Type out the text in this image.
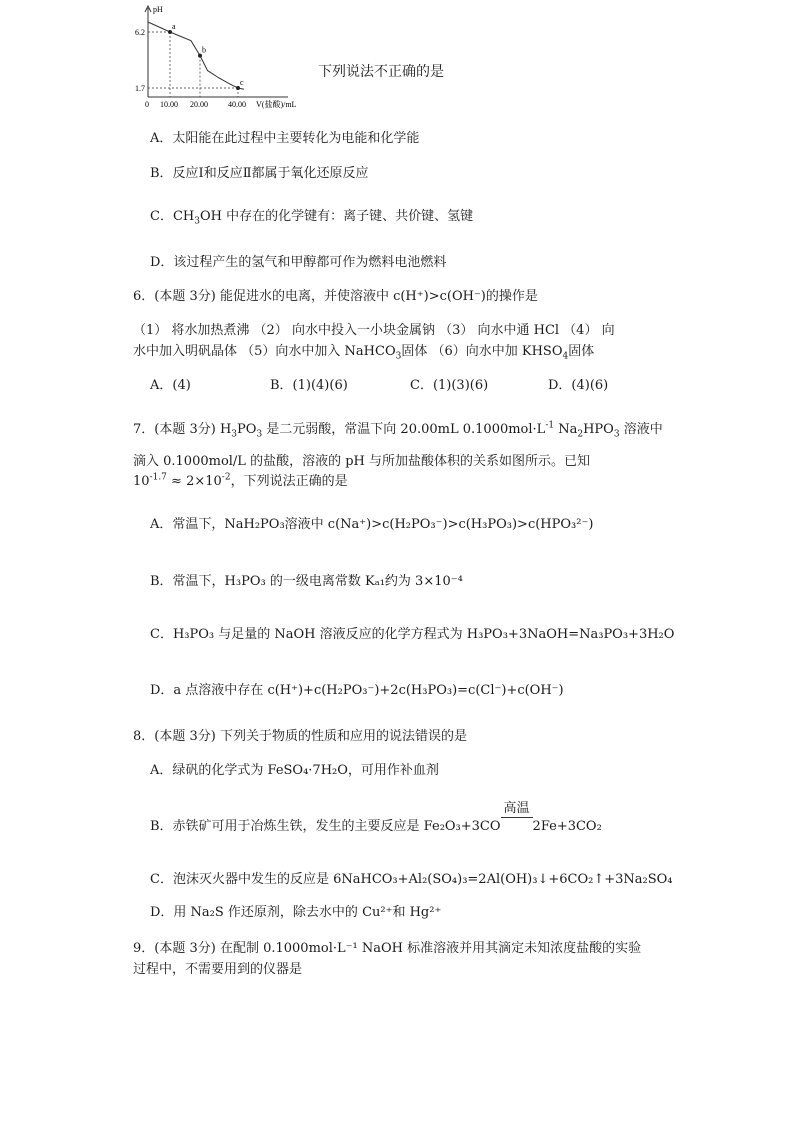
pH
V(盐酸)/mL
0 10.00 20.00	40.00
6.2
1.7
a
b
c
下列说法不正确的是
A．太阳能在此过程中主要转化为电能和化学能
B．反应Ⅰ和反应Ⅱ都属于氧化还原反应
C．$CH_3OH$ 中存在的化学键有：离子键、共价键、氢键
D．该过程产生的氢气和甲醇都可作为燃料电池燃料
6．(本题 3分) 能促进水的电离，并使溶液中 c(H⁺)>c(OH⁻)的操作是
（1） 将水加热煮沸 （2） 向水中投入一小块金属钠 （3） 向水中通 HCl （4） 向
水中加入明矾晶体 （5）向水中加入 NaHCO$_3$固体 （6）向水中加 $KHSO_4$固体
A．(4)	B．(1)(4)(6)	C．(1)(3)(6)	D．(4)(6)
7．(本题 3分) $H_3PO_3$ 是二元弱酸，常温下向 20.00mL $0.1000mol\cdot L^{-1}$ $Na_2HPO_3$ 溶液中
滴入 0.1000mol/L 的盐酸，溶液的 pH 与所加盐酸体积的关系如图所示。已知
$10^{-1.7} \approx 2\times 10^{-2}$，下列说法正确的是
A．常温下，NaH₂PO₃溶液中 c(Na⁺)>c(H₂PO₃⁻)>c(H₃PO₃)>c(HPO₃²⁻)
B．常温下，H₃PO₃ 的一级电离常数 Kₐ₁约为 3×10⁻⁴
C．H₃PO₃ 与足量的 NaOH 溶液反应的化学方程式为 H₃PO₃+3NaOH=Na₃PO₃+3H₂O
D．a 点溶液中存在 c(H⁺)+c(H₂PO₃⁻)+2c(H₃PO₃)=c(Cl⁻)+c(OH⁻)
8．(本题 3分) 下列关于物质的性质和应用的说法错误的是
A．绿矾的化学式为 FeSO₄·7H₂O，可用作补血剂
B．赤铁矿可用于冶炼生铁，发生的主要反应是 Fe₂O₃+3CO
高温
2Fe+3CO₂
C．泡沫灭火器中发生的反应是 6NaHCO₃+Al₂(SO₄)₃=2Al(OH)₃↓+6CO₂↑+3Na₂SO₄
D．用 Na₂S 作还原剂，除去水中的 Cu²⁺和 Hg²⁺
9．(本题 3分) 在配制 0.1000mol·L⁻¹ NaOH 标准溶液并用其滴定未知浓度盐酸的实验
过程中，不需要用到的仪器是
